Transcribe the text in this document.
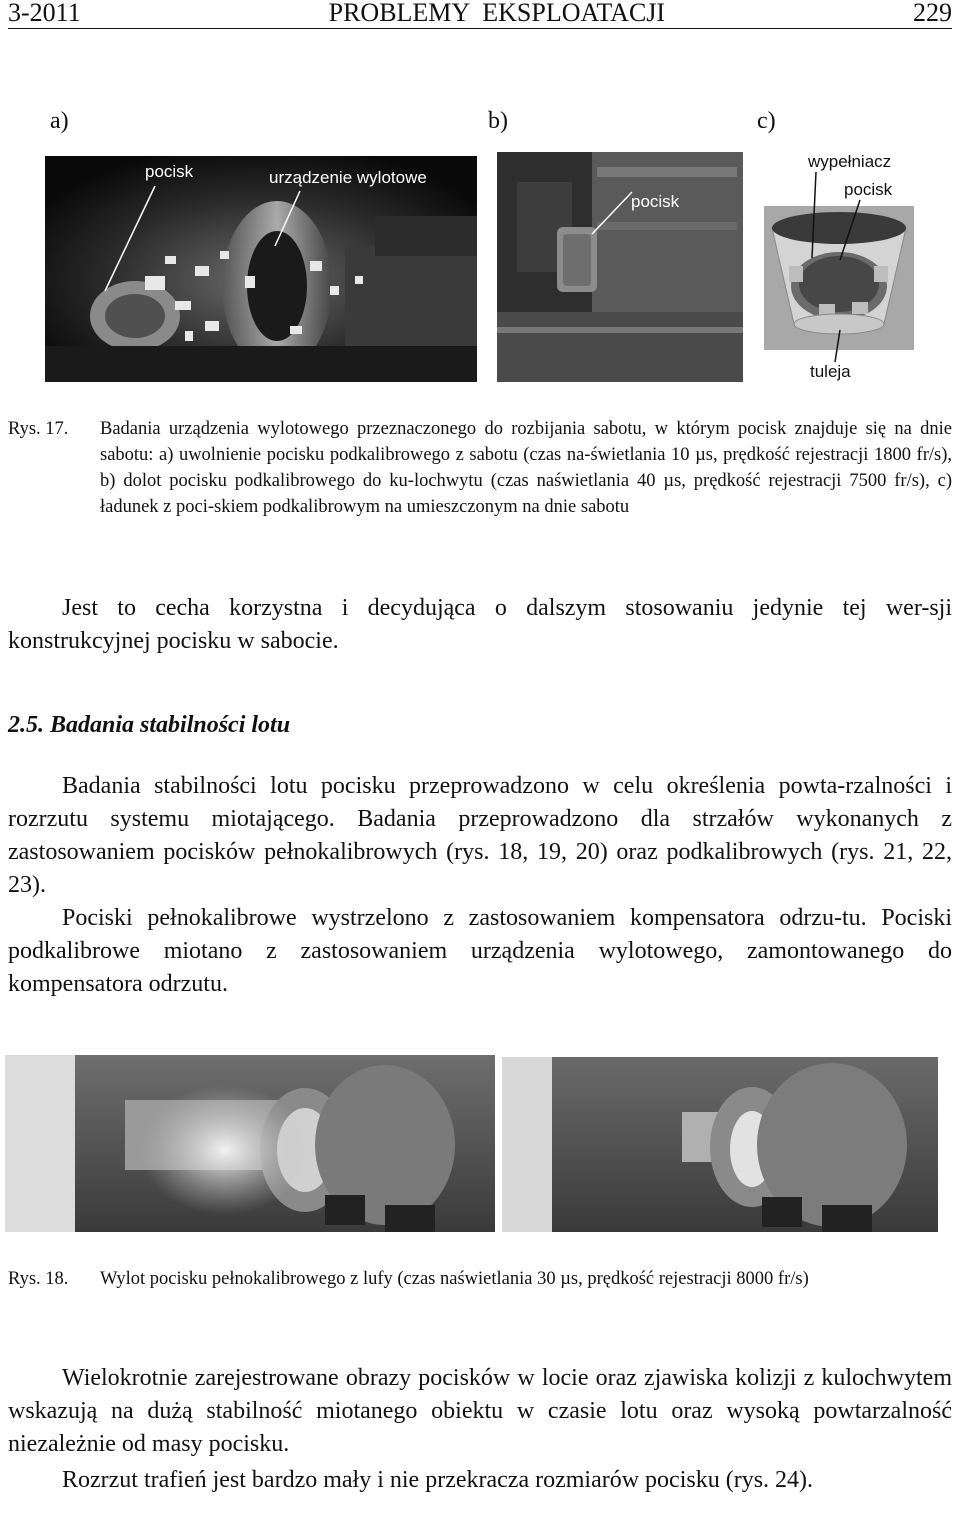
3-2011	PROBLEMY  EKSPLOATACJI	229
a)	b)	c)
pocisk	urządzenie wylotowe
pocisk
wypełniacz
pocisk
tuleja
Rys. 17. Badania urządzenia wylotowego przeznaczonego do rozbijania sabotu, w którym pocisk znajduje się na dnie sabotu: a) uwolnienie pocisku podkalibrowego z sabotu (czas na-świetlania 10 µs, prędkość rejestracji 1800 fr/s), b) dolot pocisku podkalibrowego do ku-lochwytu (czas naświetlania 40 µs, prędkość rejestracji 7500 fr/s), c) ładunek z poci-skiem podkalibrowym na umieszczonym na dnie sabotu
Jest to cecha korzystna i decydująca o dalszym stosowaniu jedynie tej wer-sji konstrukcyjnej pocisku w sabocie.
2.5. Badania stabilności lotu
Badania stabilności lotu pocisku przeprowadzono w celu określenia powta-rzalności i rozrzutu systemu miotającego. Badania przeprowadzono dla strzałów wykonanych z zastosowaniem pocisków pełnokalibrowych (rys. 18, 19, 20) oraz podkalibrowych (rys. 21, 22, 23).
Pociski pełnokalibrowe wystrzelono z zastosowaniem kompensatora odrzu-tu. Pociski podkalibrowe miotano z zastosowaniem urządzenia wylotowego, zamontowanego do kompensatora odrzutu.
Rys. 18. Wylot pocisku pełnokalibrowego z lufy (czas naświetlania 30 µs, prędkość rejestracji 8000 fr/s)
Wielokrotnie zarejestrowane obrazy pocisków w locie oraz zjawiska kolizji z kulochwytem wskazują na dużą stabilność miotanego obiektu w czasie lotu oraz wysoką powtarzalność niezależnie od masy pocisku.
Rozrzut trafień jest bardzo mały i nie przekracza rozmiarów pocisku (rys. 24).
